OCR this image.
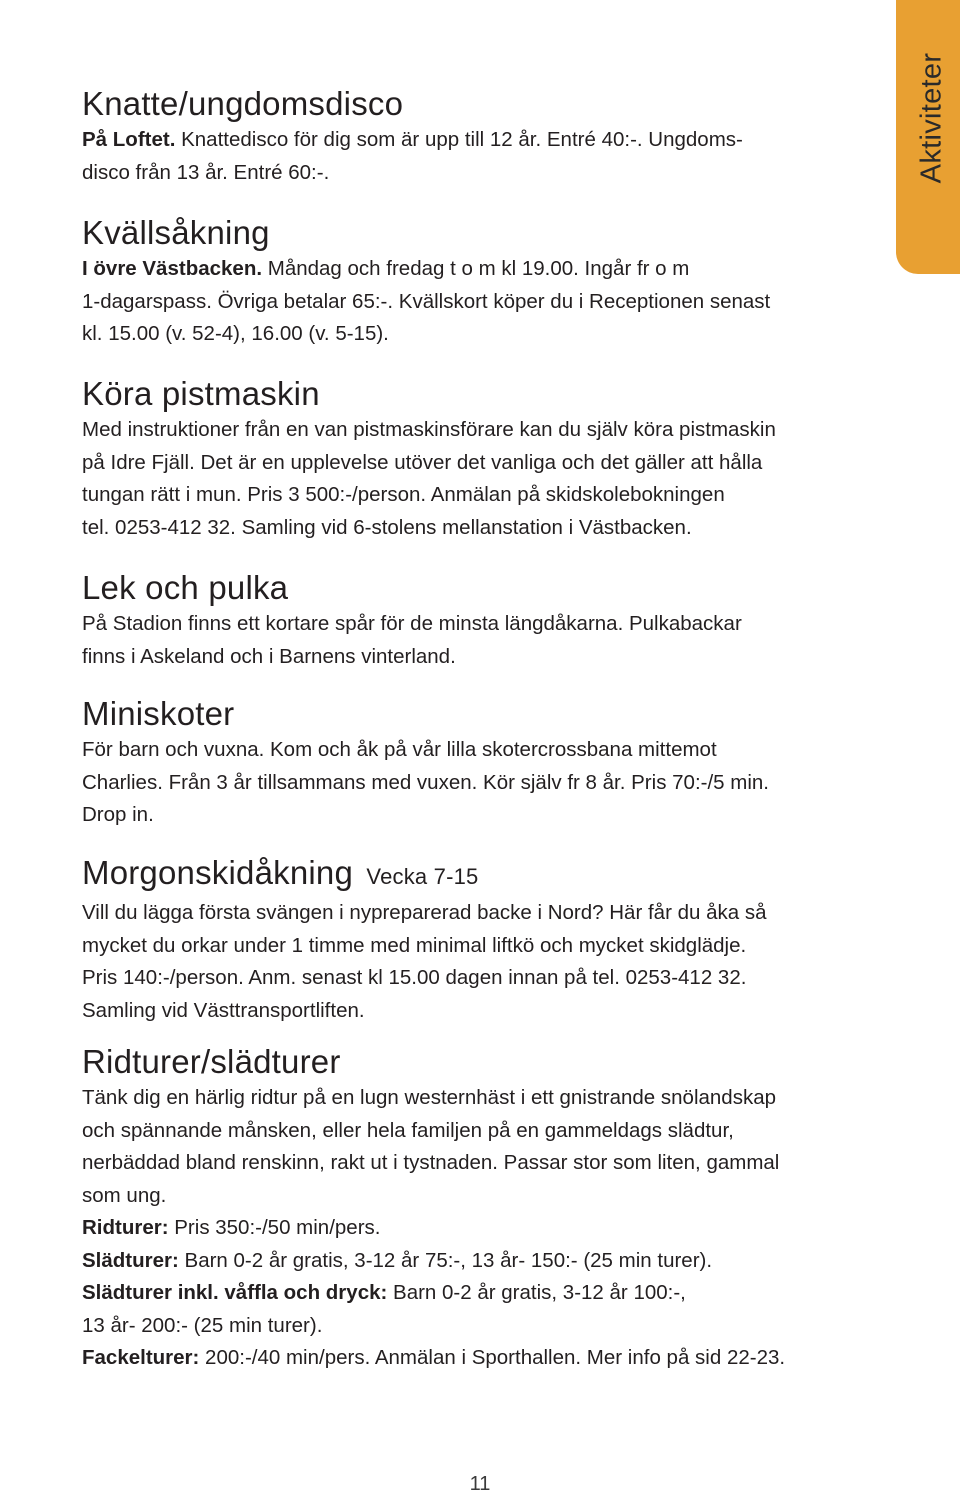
Aktiviteter
Knatte/ungdomsdisco

På Loftet. Knattedisco för dig som är upp till 12 år. Entré 40:-. Ungdoms-
disco från 13 år. Entré 60:-.

Kvällsåkning

I övre Västbacken. Måndag och fredag t o m kl 19.00. Ingår fr o m
1-dagarspass. Övriga betalar 65:-. Kvällskort köper du i Receptionen senast
kl. 15.00 (v. 52-4), 16.00 (v. 5-15).

Köra pistmaskin

Med instruktioner från en van pistmaskinsförare kan du själv köra pistmaskin
på Idre Fjäll. Det är en upplevelse utöver det vanliga och det gäller att hålla
tungan rätt i mun. Pris 3 500:-/person. Anmälan på skidskolebokningen
tel. 0253-412 32. Samling vid 6-stolens mellanstation i Västbacken.

Lek och pulka

På Stadion finns ett kortare spår för de minsta längdåkarna. Pulkabackar
finns i Askeland och i Barnens vinterland.

Miniskoter

För barn och vuxna. Kom och åk på vår lilla skotercrossbana mittemot
Charlies. Från 3 år tillsammans med vuxen. Kör själv fr 8 år. Pris 70:-/5 min.
Drop in.

Morgonskidåkning Vecka 7-15

Vill du lägga första svängen i nypreparerad backe i Nord? Här får du åka så
mycket du orkar under 1 timme med minimal liftkö och mycket skidglädje.
Pris 140:-/person. Anm. senast kl 15.00 dagen innan på tel. 0253-412 32.
Samling vid Västtransportliften.

Ridturer/slädturer

Tänk dig en härlig ridtur på en lugn westernhäst i ett gnistrande snölandskap
och spännande månsken, eller hela familjen på en gammeldags slädtur,
nerbäddad bland renskinn, rakt ut i tystnaden. Passar stor som liten, gammal
som ung.
Ridturer: Pris 350:-/50 min/pers.
Slädturer: Barn 0-2 år gratis, 3-12 år 75:-, 13 år- 150:- (25 min turer).
Slädturer inkl. våffla och dryck: Barn 0-2 år gratis, 3-12 år 100:-,
13 år- 200:- (25 min turer).
Fackelturer: 200:-/40 min/pers. Anmälan i Sporthallen. Mer info på sid 22-23.

11
